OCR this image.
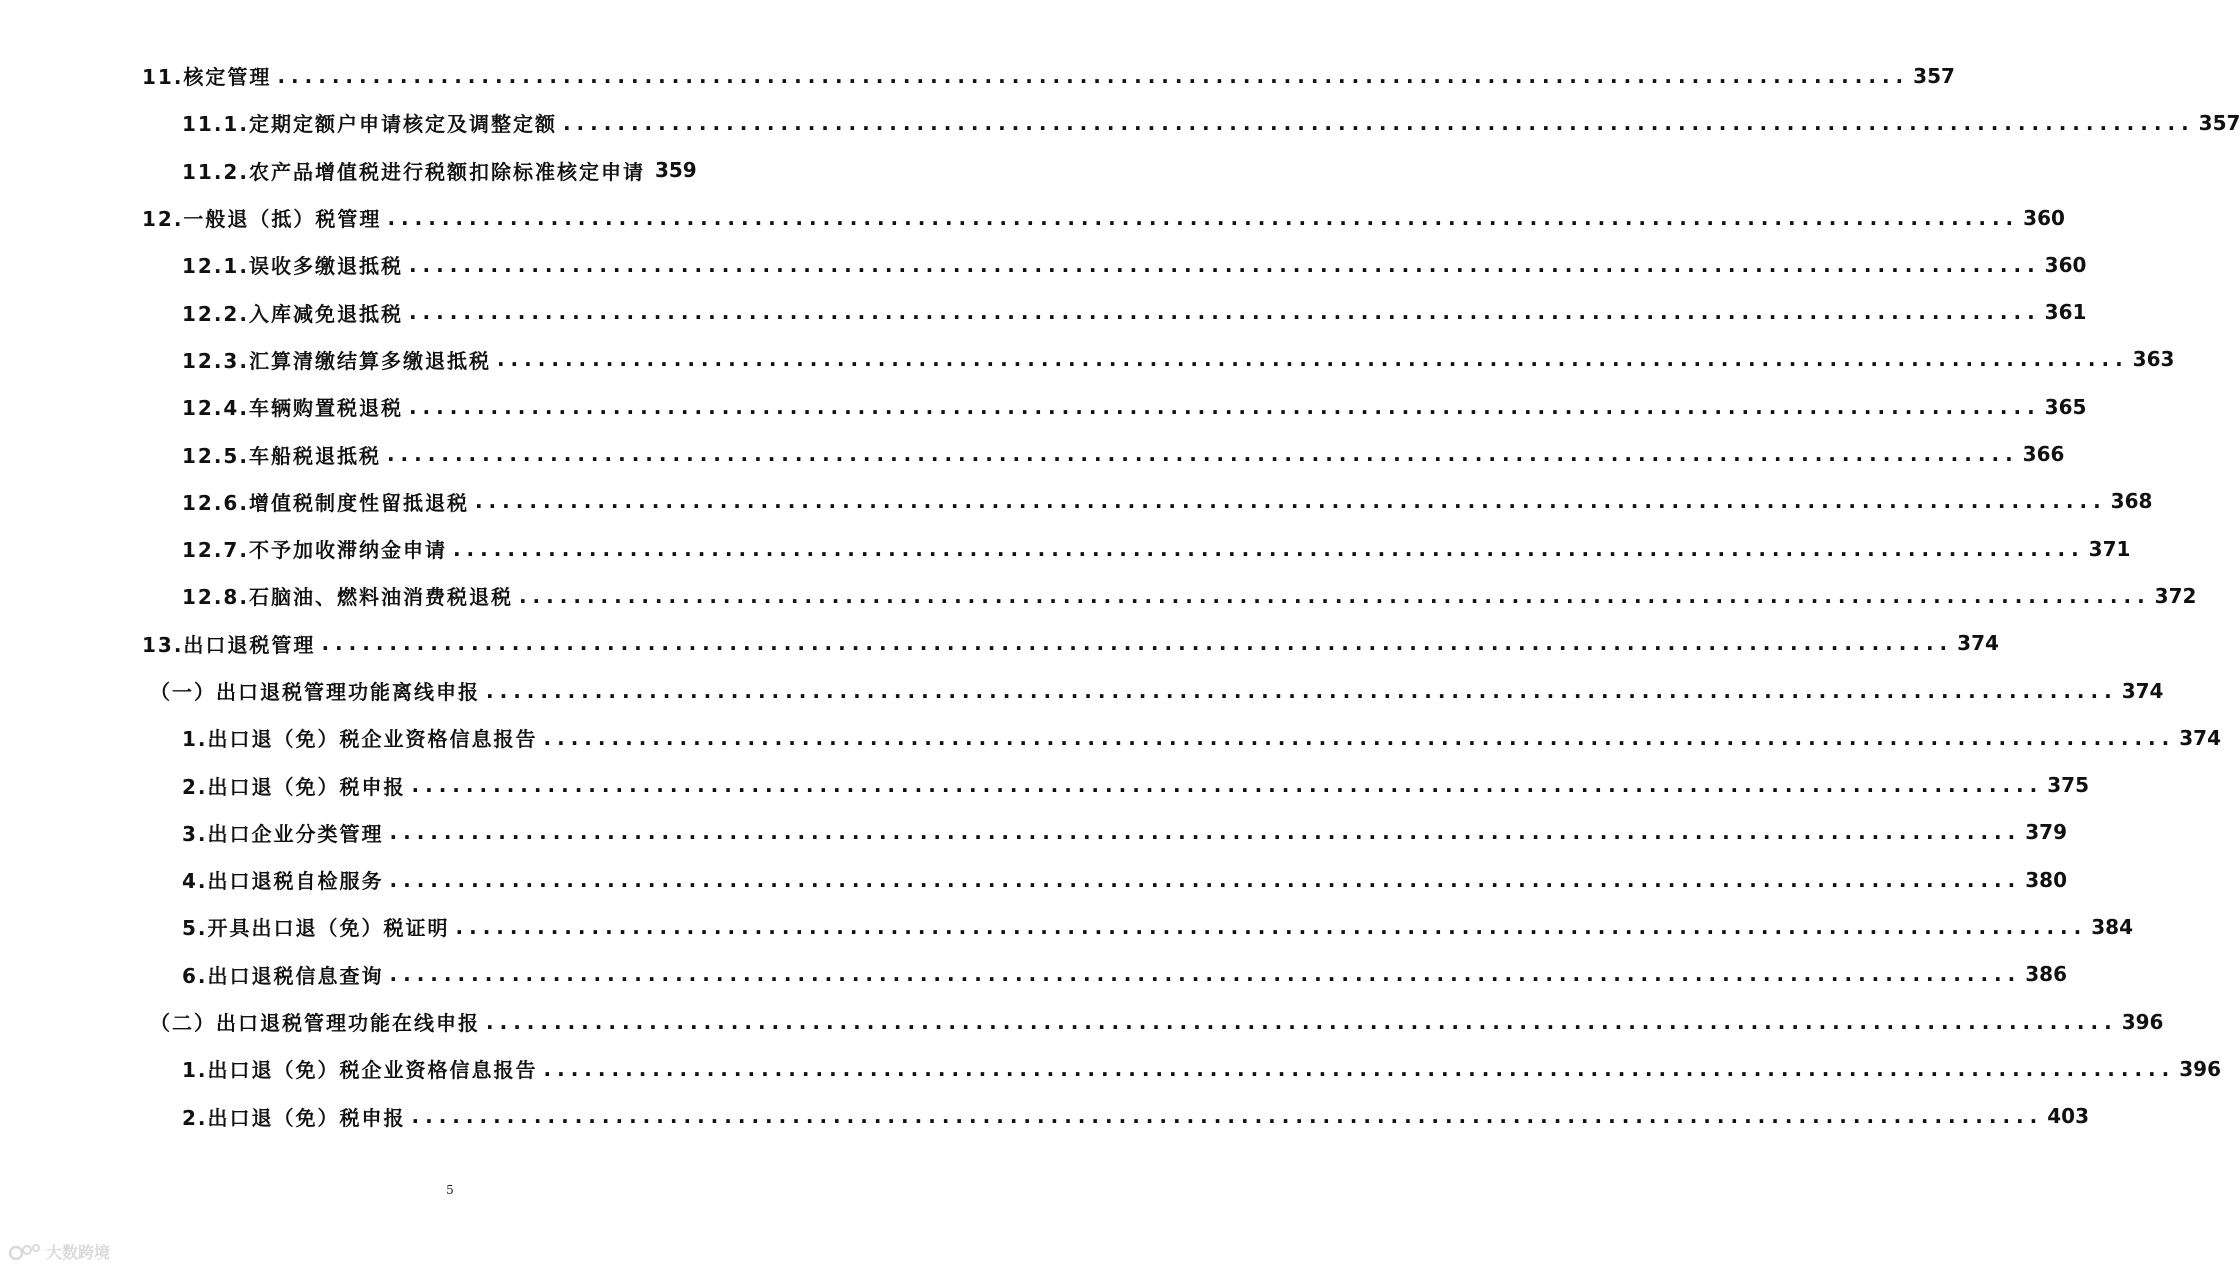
11.核定管理 ........................................................................................................................ 357
11.1.定期定额户申请核定及调整定额 ........................................................................................................................ 357
11.2.农产品增值税进行税额扣除标准核定申请 359
12.一般退（抵）税管理 ........................................................................................................................ 360
12.1.误收多缴退抵税 ........................................................................................................................ 360
12.2.入库减免退抵税 ........................................................................................................................ 361
12.3.汇算清缴结算多缴退抵税 ........................................................................................................................ 363
12.4.车辆购置税退税 ........................................................................................................................ 365
12.5.车船税退抵税 ........................................................................................................................ 366
12.6.增值税制度性留抵退税 ........................................................................................................................ 368
12.7.不予加收滞纳金申请 ........................................................................................................................ 371
12.8.石脑油、燃料油消费税退税 ........................................................................................................................ 372
13.出口退税管理 ........................................................................................................................ 374
（一）出口退税管理功能离线申报 ........................................................................................................................ 374
1.出口退（免）税企业资格信息报告 ........................................................................................................................ 374
2.出口退（免）税申报 ........................................................................................................................ 375
3.出口企业分类管理 ........................................................................................................................ 379
4.出口退税自检服务 ........................................................................................................................ 380
5.开具出口退（免）税证明 ........................................................................................................................ 384
6.出口退税信息查询 ........................................................................................................................ 386
（二）出口退税管理功能在线申报 ........................................................................................................................ 396
1.出口退（免）税企业资格信息报告 ........................................................................................................................ 396
2.出口退（免）税申报 ........................................................................................................................ 403
5
大数跨境
